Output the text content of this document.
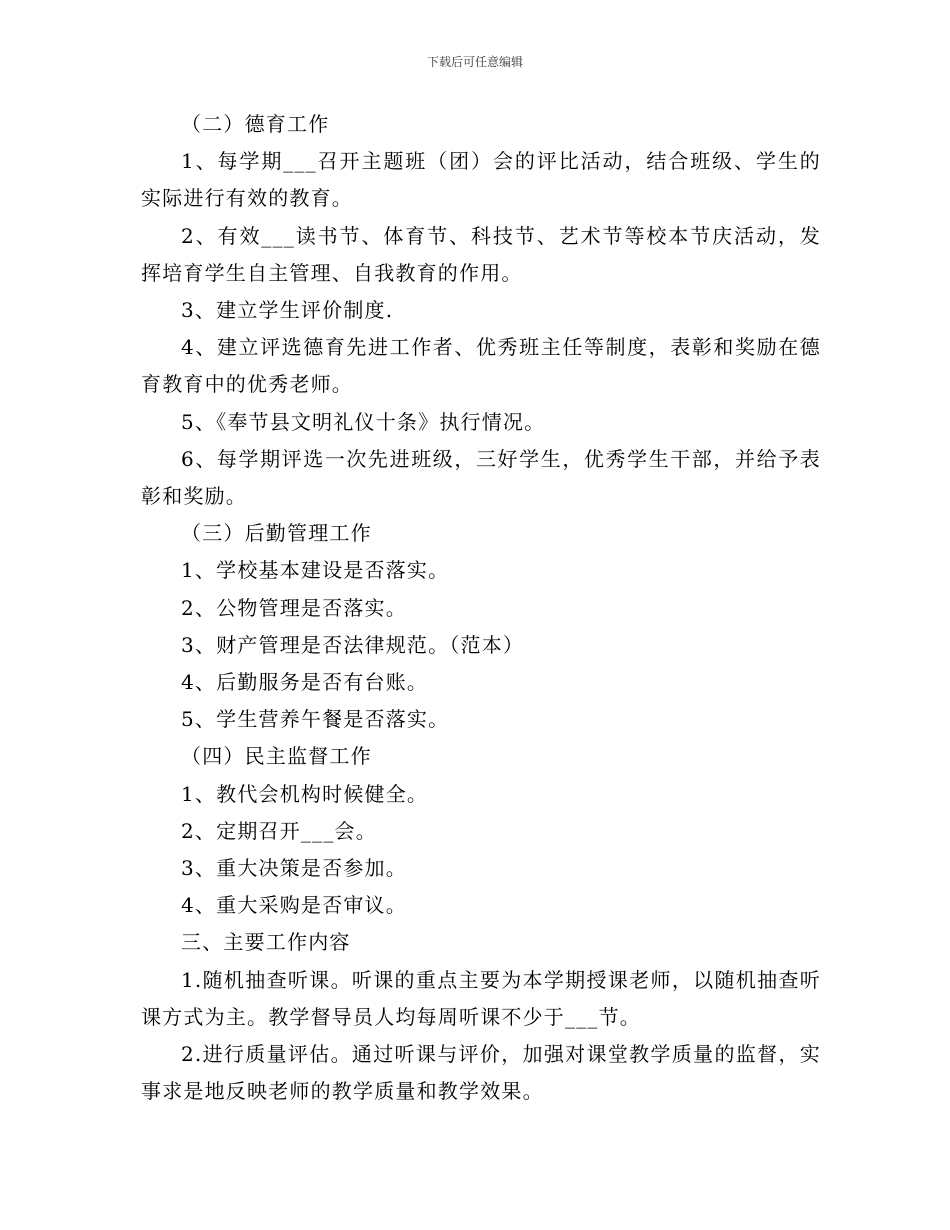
下载后可任意编辑

（二）德育工作

1、每学期___召开主题班（团）会的评比活动，结合班级、学生的实际进行有效的教育。

2、有效___读书节、体育节、科技节、艺术节等校本节庆活动，发挥培育学生自主管理、自我教育的作用。

3、建立学生评价制度.

4、建立评选德育先进工作者、优秀班主任等制度，表彰和奖励在德育教育中的优秀老师。

5、《奉节县文明礼仪十条》执行情况。

6、每学期评选一次先进班级，三好学生，优秀学生干部，并给予表彰和奖励。

（三）后勤管理工作

1、学校基本建设是否落实。

2、公物管理是否落实。

3、财产管理是否法律规范。（范本）

4、后勤服务是否有台账。

5、学生营养午餐是否落实。

（四）民主监督工作

1、教代会机构时候健全。

2、定期召开___会。

3、重大决策是否参加。

4、重大采购是否审议。

三、主要工作内容

1.随机抽查听课。听课的重点主要为本学期授课老师，以随机抽查听课方式为主。教学督导员人均每周听课不少于___节。

2.进行质量评估。通过听课与评价，加强对课堂教学质量的监督，实事求是地反映老师的教学质量和教学效果。
